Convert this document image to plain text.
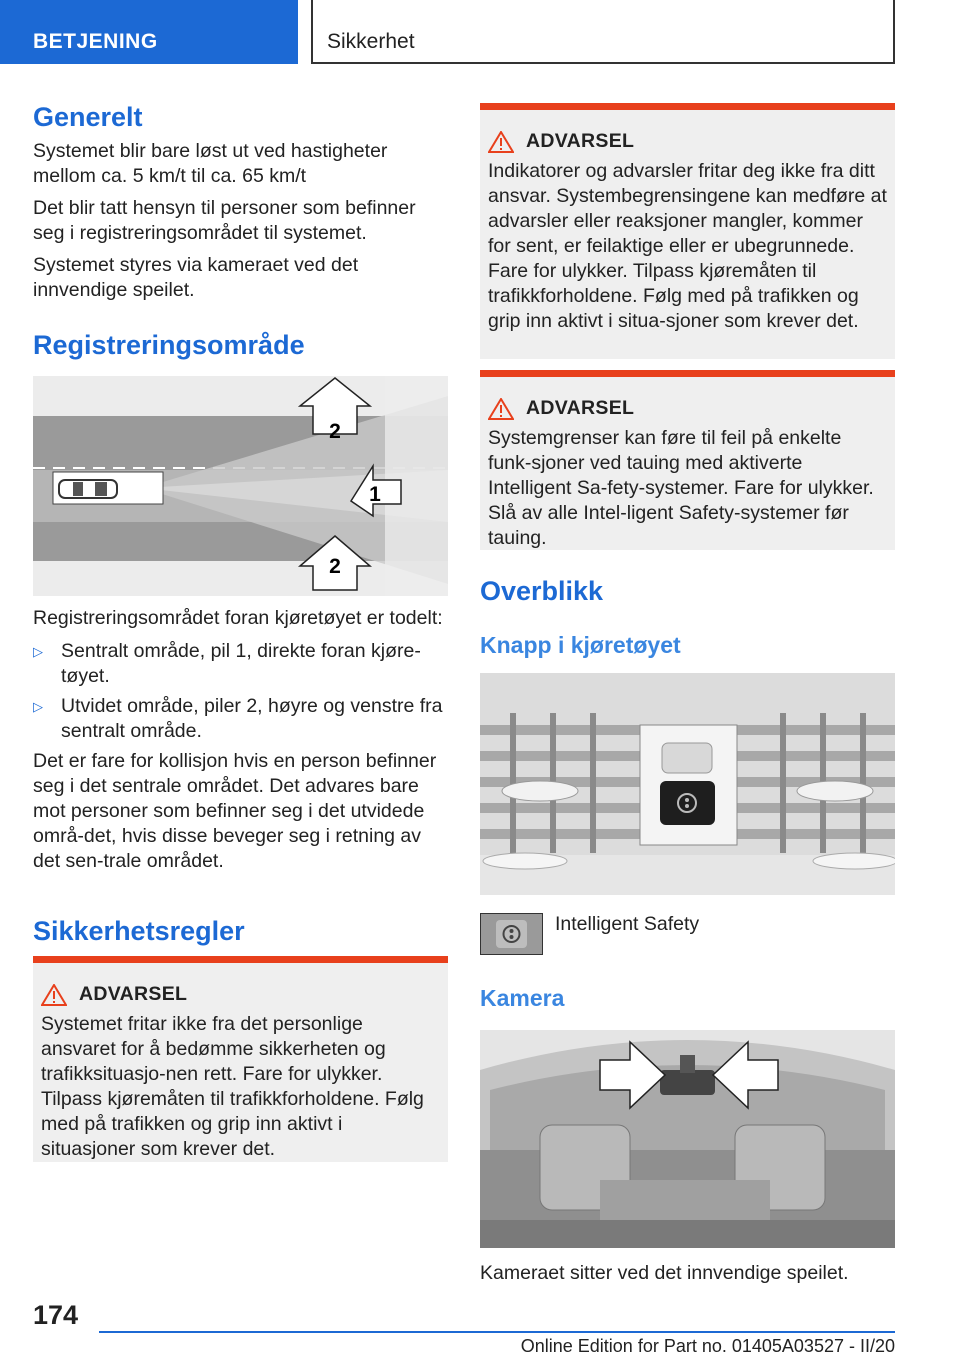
BETJENING	Sikkerhet
Generelt

Systemet blir bare løst ut ved hastigheter mellom ca. 5 km/t til ca. 65 km/t

Det blir tatt hensyn til personer som befinner seg i registreringsområdet til systemet.

Systemet styres via kameraet ved det innvendige speilet.

Registreringsområde
2
1
2

Registreringsområdet foran kjøretøyet er todelt:

▷ Sentralt område, pil 1, direkte foran kjøre-tøyet.

▷ Utvidet område, piler 2, høyre og venstre fra sentralt område.

Det er fare for kollisjon hvis en person befinner seg i det sentrale området. Det advares bare mot personer som befinner seg i det utvidede områ-det, hvis disse beveger seg i retning av det sen-trale området.

Sikkerhetsregler
ADVARSEL

Systemet fritar ikke fra det personlige ansvaret for å bedømme sikkerheten og trafikksituasjo-nen rett. Fare for ulykker. Tilpass kjøremåten til trafikkforholdene. Følg med på trafikken og grip inn aktivt i situasjoner som krever det.

ADVARSEL

Indikatorer og advarsler fritar deg ikke fra ditt ansvar. Systembegrensingene kan medføre at advarsler eller reaksjoner mangler, kommer for sent, er feilaktige eller er ubegrunnede. Fare for ulykker. Tilpass kjøremåten til trafikkforholdene. Følg med på trafikken og grip inn aktivt i situa-sjoner som krever det.

ADVARSEL

Systemgrenser kan føre til feil på enkelte funk-sjoner ved tauing med aktiverte Intelligent Sa-fety-systemer. Fare for ulykker. Slå av alle Intel-ligent Safety-systemer før tauing.

Overblikk
Knapp i kjøretøyet
Intelligent Safety
Kamera

Kameraet sitter ved det innvendige speilet.

174
Online Edition for Part no. 01405A03527 - II/20
